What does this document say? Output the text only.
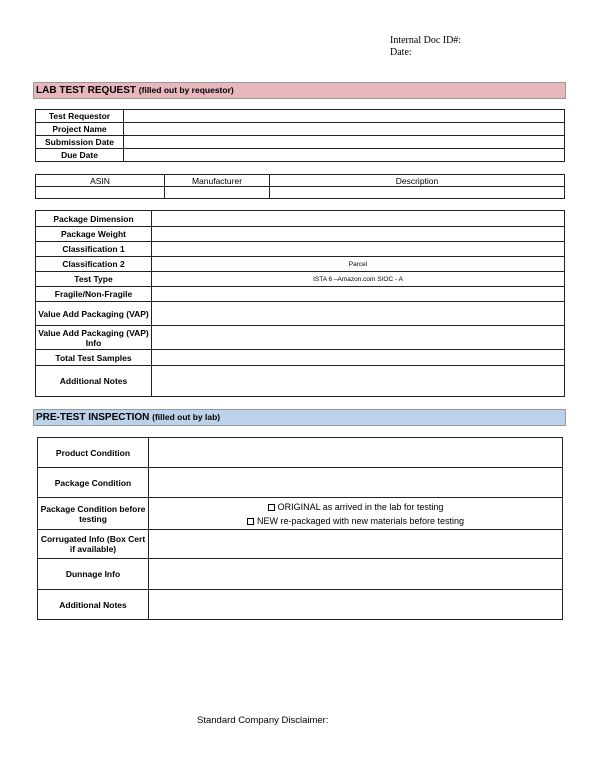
Internal Doc ID#:
Date:
LAB TEST REQUEST (filled out by requestor)
Test Requestor	
Project Name	
Submission Date	
Due Date	
ASIN	Manufacturer	Description

Package Dimension	
Package Weight	
Classification 1	
Classification 2	Parcel
Test Type	ISTA 6 –Amazon.com SIOC - A
Fragile/Non-Fragile	
Value Add Packaging (VAP)	
Value Add Packaging (VAP) Info	
Total Test Samples	
Additional Notes	
PRE-TEST INSPECTION (filled out by lab)
Product Condition	
Package Condition	
Package Condition before testing	ORIGINAL as arrived in the lab for testing
NEW re-packaged with new materials before testing
Corrugated Info (Box Cert if available)	
Dunnage Info	
Additional Notes	
Standard Company Disclaimer:
